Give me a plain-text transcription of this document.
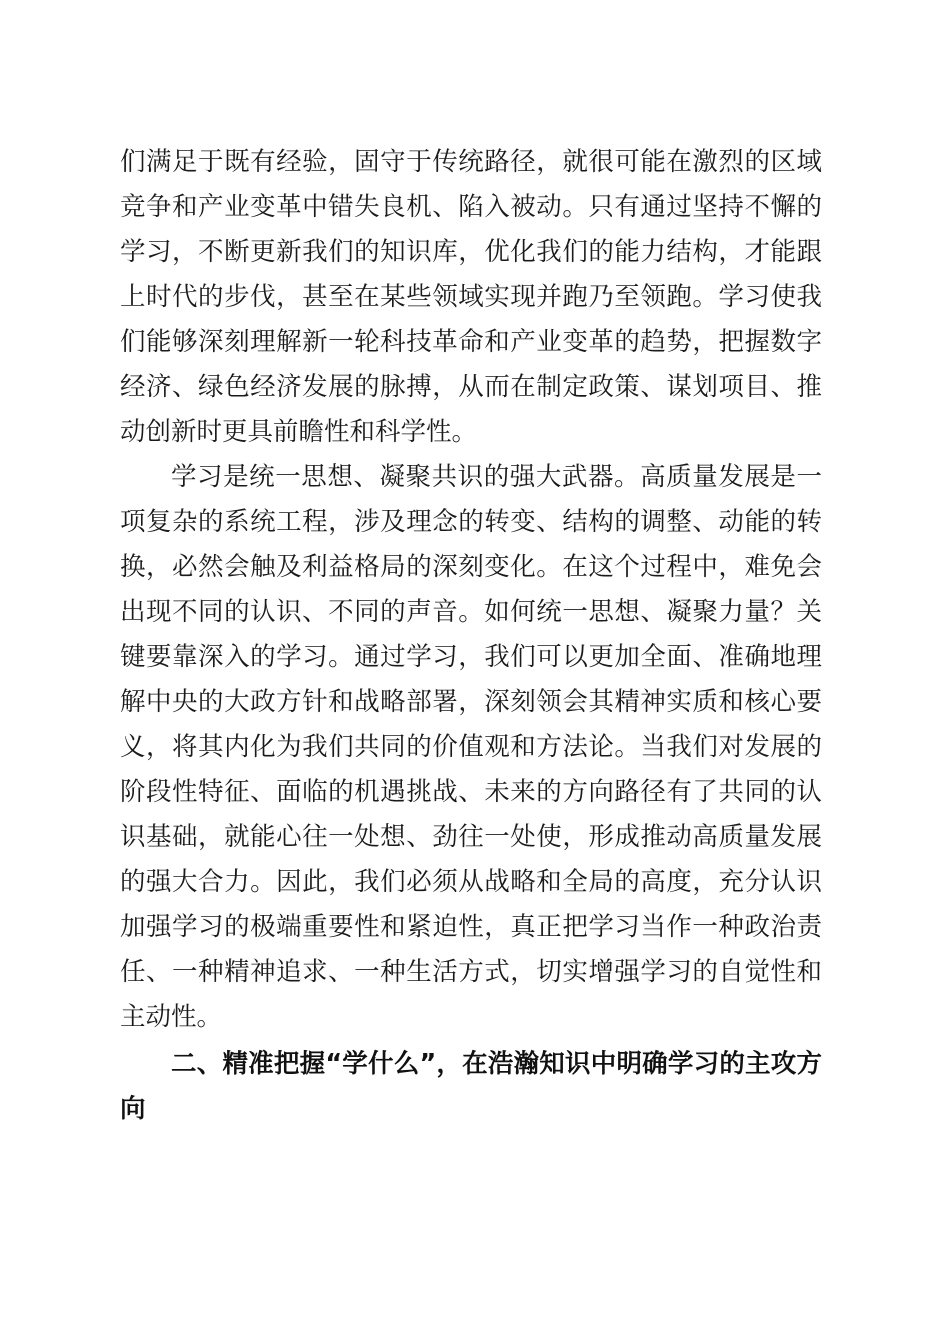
们满足于既有经验，固守于传统路径，就很可能在激烈的区域竞争和产业变革中错失良机、陷入被动。只有通过坚持不懈的学习，不断更新我们的知识库，优化我们的能力结构，才能跟上时代的步伐，甚至在某些领域实现并跑乃至领跑。学习使我们能够深刻理解新一轮科技革命和产业变革的趋势，把握数字经济、绿色经济发展的脉搏，从而在制定政策、谋划项目、推动创新时更具前瞻性和科学性。

学习是统一思想、凝聚共识的强大武器。高质量发展是一项复杂的系统工程，涉及理念的转变、结构的调整、动能的转换，必然会触及利益格局的深刻变化。在这个过程中，难免会出现不同的认识、不同的声音。如何统一思想、凝聚力量？关键要靠深入的学习。通过学习，我们可以更加全面、准确地理解中央的大政方针和战略部署，深刻领会其精神实质和核心要义，将其内化为我们共同的价值观和方法论。当我们对发展的阶段性特征、面临的机遇挑战、未来的方向路径有了共同的认识基础，就能心往一处想、劲往一处使，形成推动高质量发展的强大合力。因此，我们必须从战略和全局的高度，充分认识加强学习的极端重要性和紧迫性，真正把学习当作一种政治责任、一种精神追求、一种生活方式，切实增强学习的自觉性和主动性。

二、精准把握“学什么”，在浩瀚知识中明确学习的主攻方向
